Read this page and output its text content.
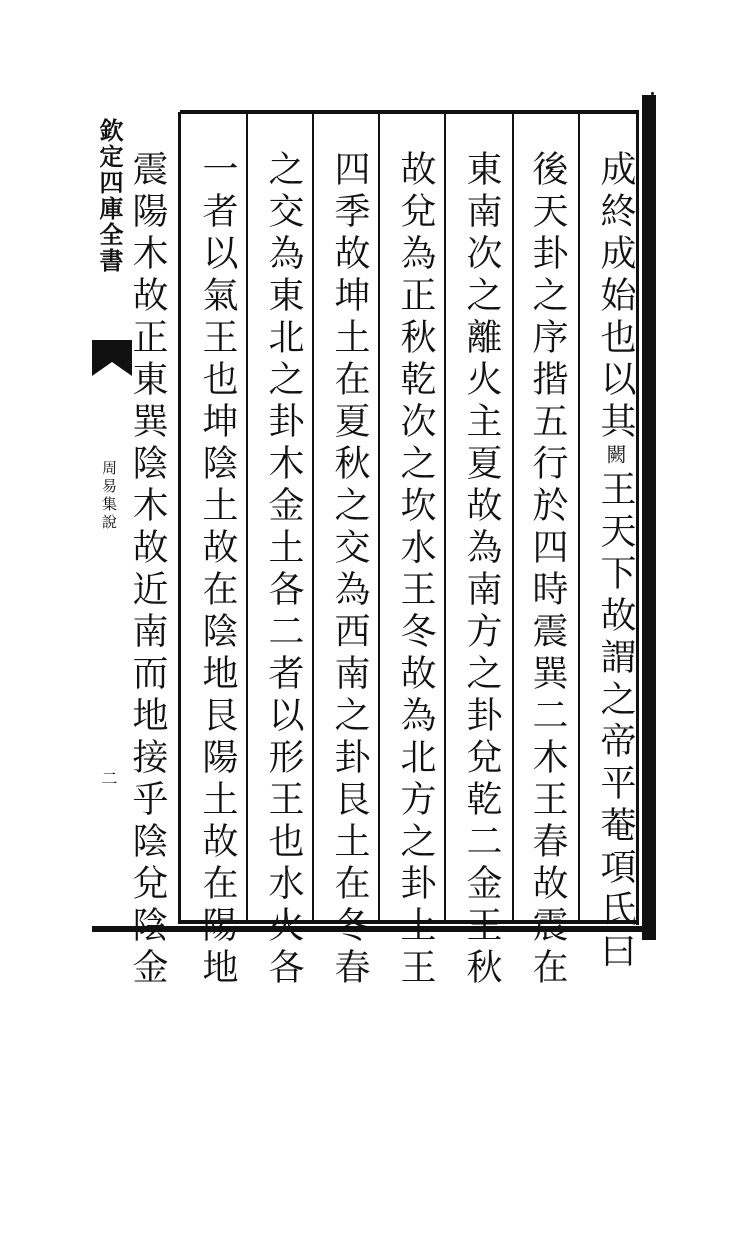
欽定四庫全書
周易集說
二
成終成始也以其$^闕$
王天下故謂之帝平菴項氏曰
後天卦之序揩五行於四時震巽二木王春故震在
東南次之離火主夏故為南方之卦兌乾二金王秋
故兌為正秋乾次之坎水王冬故為北方之卦土王
四季故坤土在夏秋之交為西南之卦艮土在冬春
之交為東北之卦木金土各二者以形王也水火各
一者以氣王也坤陰土故在陰地艮陽土故在陽地
震陽木故正東巽陰木故近南而地接乎陰兌陰金
